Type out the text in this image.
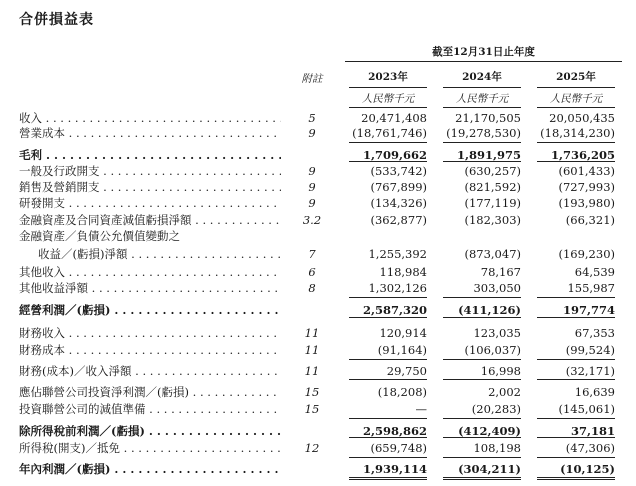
合併損益表
截至12月31日止年度
附註	2023年	2024年	2025年
人民幣千元	人民幣千元	人民幣千元
收入 . . .	5	20,471,408	21,170,505	20,050,435
營業成本 . . .	9	(18,761,746) (19,278,530) (18,314,230)
毛利 . . .	1,709,662	1,891,975	1,736,205
一般及行政開支 . . .	9	(533,742)	(630,257)	(601,433)
銷售及營銷開支 . . .	9	(767,899)	(821,592)	(727,993)
研發開支 . . .	9	(134,326)	(177,119)	(193,980)
金融資產及合同資產減值虧損淨額 . . .	3.2	(362,877)	(182,303)	(66,321)
金融資產／負債公允價值變動之
收益／(虧損)淨額 . . .	7	1,255,392	(873,047)	(169,230)
其他收入 . . .	6	118,984	78,167	64,539
其他收益淨額 . . .	8	1,302,126	303,050	155,987
經營利潤／(虧損) . . .	2,587,320	(411,126)	197,774
財務收入 . . .	11	120,914	123,035	67,353
財務成本 . . .	11	(91,164)	(106,037)	(99,524)
財務(成本)／收入淨額 . . .	11	29,750	16,998	(32,171)
應佔聯營公司投資淨利潤／(虧損) . . .	15	(18,208)	2,002	16,639
投資聯營公司的減值準備 . . .	15	—	(20,283)	(145,061)
除所得稅前利潤／(虧損) . . .	2,598,862	(412,409)	37,181
所得稅(開支)／抵免 . . .	12	(659,748)	108,198	(47,306)
年內利潤／(虧損) . . .	1,939,114	(304,211)	(10,125)
